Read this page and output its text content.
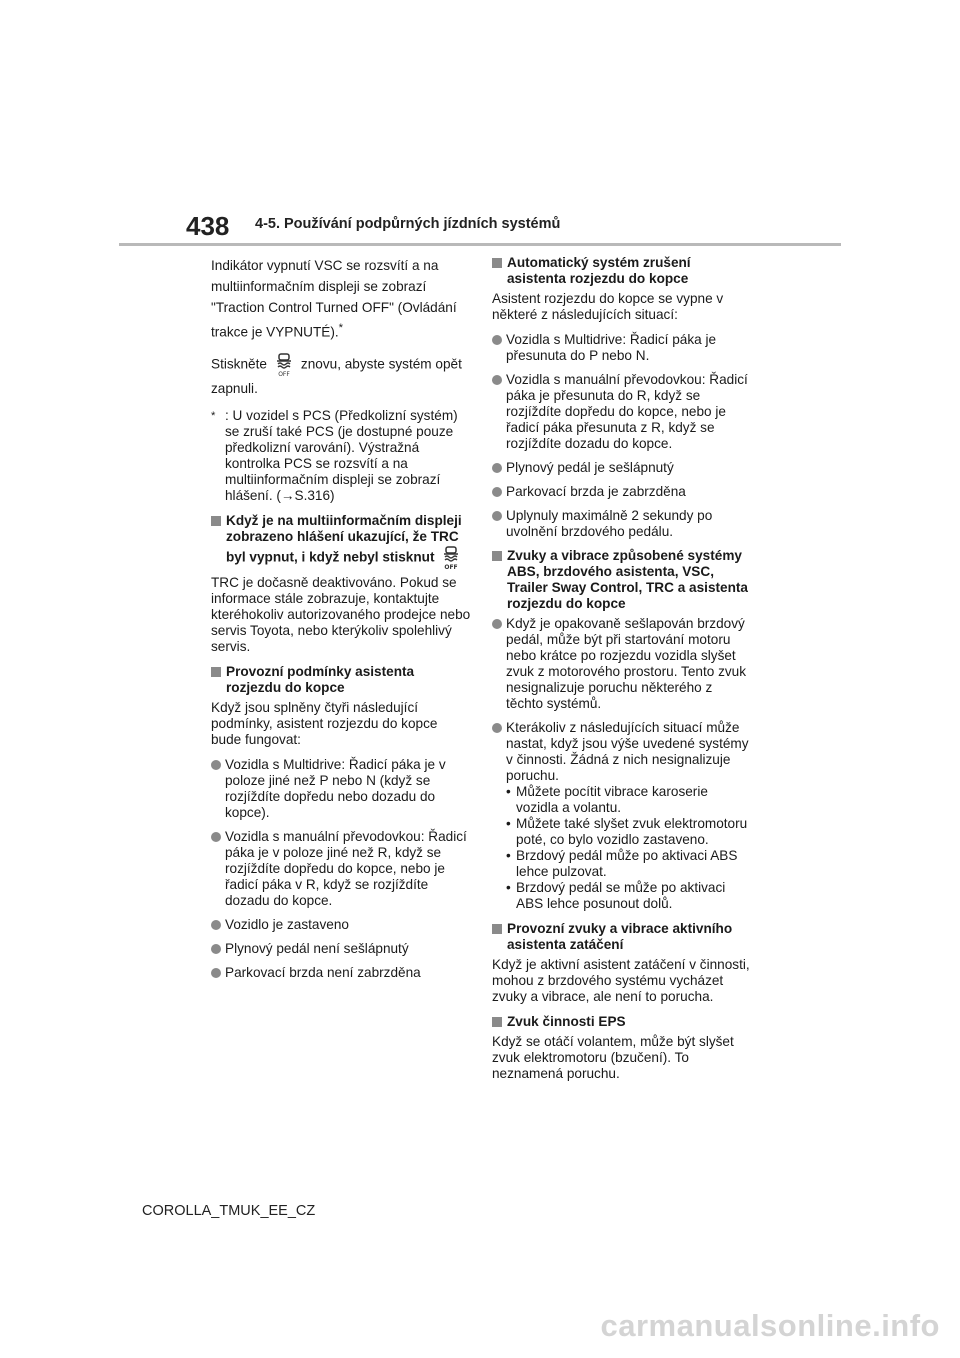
438 4-5. Používání podpůrných jízdních systémů

Indikátor vypnutí VSC se rozsvítí a na multiinformačním displeji se zobrazí "Traction Control Turned OFF" (Ovládání trakce je VYPNUTÉ).*

Stiskněte
OFF
znovu, abyste systém opět zapnuli.

* : U vozidel s PCS (Předkolizní systém) se zruší také PCS (je dostupné pouze předkolizní varování). Výstražná kontrolka PCS se rozsvítí a na multiinformačním displeji se zobrazí hlášení. (→S.316)
Když je na multiinformačním displeji zobrazeno hlášení ukazující, že TRC byl vypnut, i když nebyl stisknut
OFF

TRC je dočasně deaktivováno. Pokud se informace stále zobrazuje, kontaktujte kteréhokoliv autorizovaného prodejce nebo servis Toyota, nebo kterýkoliv spolehlivý servis.

Provozní podmínky asistenta rozjezdu do kopce

Když jsou splněny čtyři následující podmínky, asistent rozjezdu do kopce bude fungovat:

Vozidla s Multidrive: Řadicí páka je v poloze jiné než P nebo N (když se rozjíždíte dopředu nebo dozadu do kopce).
Vozidla s manuální převodovkou: Řadicí páka je v poloze jiné než R, když se rozjíždíte dopředu do kopce, nebo je řadicí páka v R, když se rozjíždíte dozadu do kopce.
Vozidlo je zastaveno
Plynový pedál není sešlápnutý
Parkovací brzda není zabrzděna
Automatický systém zrušení asistenta rozjezdu do kopce

Asistent rozjezdu do kopce se vypne v některé z následujících situací:

Vozidla s Multidrive: Řadicí páka je přesunuta do P nebo N.
Vozidla s manuální převodovkou: Řadicí páka je přesunuta do R, když se rozjíždíte dopředu do kopce, nebo je řadicí páka přesunuta z R, když se rozjíždíte dozadu do kopce.
Plynový pedál je sešlápnutý
Parkovací brzda je zabrzděna
Uplynuly maximálně 2 sekundy po uvolnění brzdového pedálu.
Zvuky a vibrace způsobené systémy ABS, brzdového asistenta, VSC, Trailer Sway Control, TRC a asistenta rozjezdu do kopce
Když je opakovaně sešlapován brzdový pedál, může být při startování motoru nebo krátce po rozjezdu vozidla slyšet zvuk z motorového prostoru. Tento zvuk nesignalizuje poruchu některého z těchto systémů.
Kterákoliv z následujících situací může nastat, když jsou výše uvedené systémy v činnosti. Žádná z nich nesignalizuje poruchu.
• Můžete pocítit vibrace karoserie vozidla a volantu.
• Můžete také slyšet zvuk elektromotoru poté, co bylo vozidlo zastaveno.
• Brzdový pedál může po aktivaci ABS lehce pulzovat.
• Brzdový pedál se může po aktivaci ABS lehce posunout dolů.
Provozní zvuky a vibrace aktivního asistenta zatáčení

Když je aktivní asistent zatáčení v činnosti, mohou z brzdového systému vycházet zvuky a vibrace, ale není to porucha.

Zvuk činnosti EPS

Když se otáčí volantem, může být slyšet zvuk elektromotoru (bzučení). To neznamená poruchu.

COROLLA_TMUK_EE_CZ
carmanualsonline.info
